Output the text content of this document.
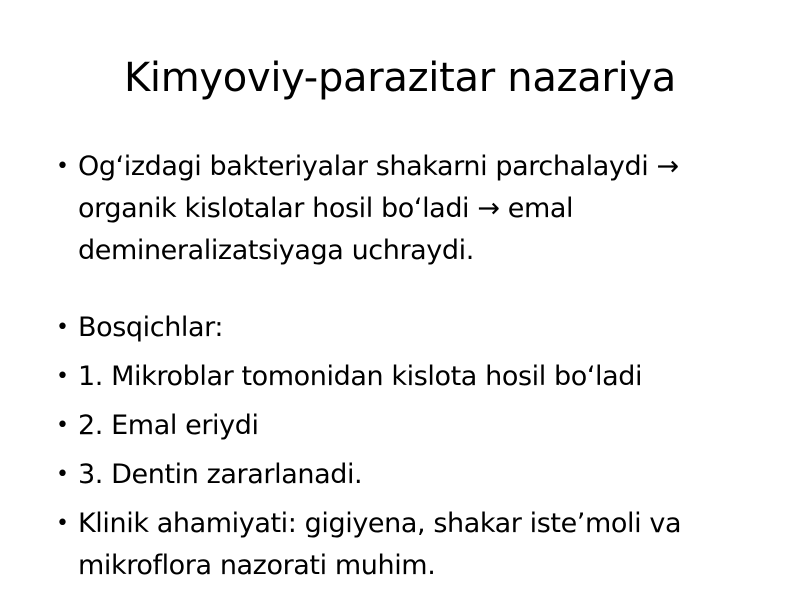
Kimyoviy-parazitar nazariya
• Og‘izdagi bakteriyalar shakarni parchalaydi → organik kislotalar hosil bo‘ladi → emal demineralizatsiyaga uchraydi.
• Bosqichlar:
• 1. Mikroblar tomonidan kislota hosil bo‘ladi
• 2. Emal eriydi
• 3. Dentin zararlanadi.
• Klinik ahamiyati: gigiyena, shakar iste’moli va mikroflora nazorati muhim.
